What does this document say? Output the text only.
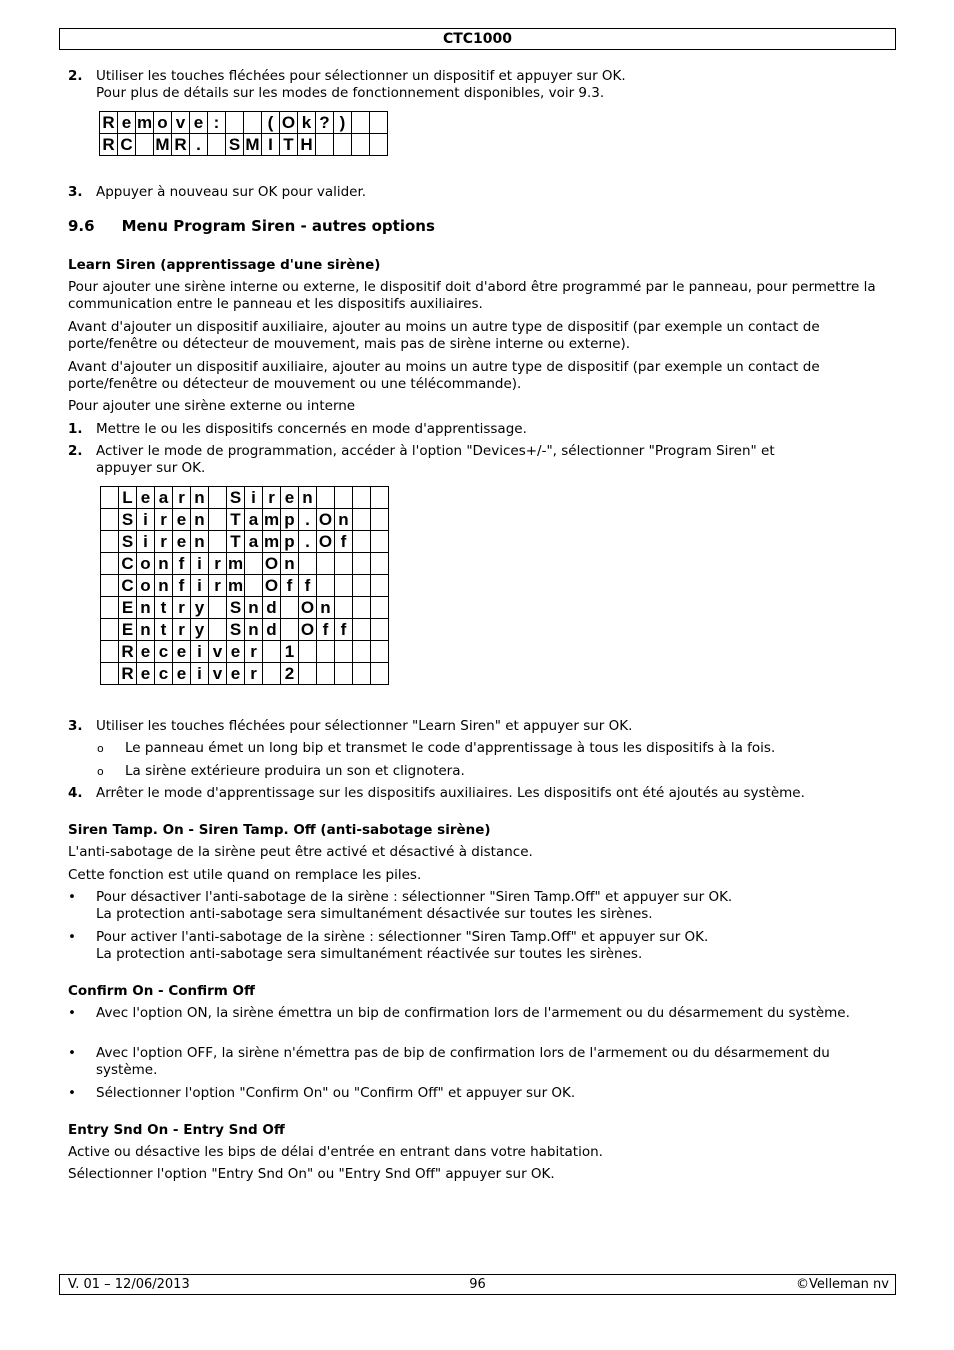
CTC1000
2. Utiliser les touches fléchées pour sélectionner un dispositif et appuyer sur OK.
Pour plus de détails sur les modes de fonctionnement disponibles, voir 9.3.
R	e	m	o	v	e	:			(	O	k	?	)		
R	C		M	R	.		S	M	I	T	H				
3. Appuyer à nouveau sur OK pour valider.
9.6 Menu Program Siren - autres options
Learn Siren (apprentissage d'une sirène)
Pour ajouter une sirène interne ou externe, le dispositif doit d'abord être programmé par le panneau, pour permettre la communication entre le panneau et les dispositifs auxiliaires.
Avant d'ajouter un dispositif auxiliaire, ajouter au moins un autre type de dispositif (par exemple un contact de porte/fenêtre ou détecteur de mouvement, mais pas de sirène interne ou externe).
Avant d'ajouter un dispositif auxiliaire, ajouter au moins un autre type de dispositif (par exemple un contact de porte/fenêtre ou détecteur de mouvement ou une télécommande).
Pour ajouter une sirène externe ou interne
1. Mettre le ou les dispositifs concernés en mode d'apprentissage.
2. Activer le mode de programmation, accéder à l'option "Devices+/-", sélectionner "Program Siren" et
appuyer sur OK.
	L	e	a	r	n		S	i	r	e	n				
	S	i	r	e	n		T	a	m	p	.	O	n		
	S	i	r	e	n		T	a	m	p	.	O	f		
	C	o	n	f	i	r	m		O	n					
	C	o	n	f	i	r	m		O	f	f				
	E	n	t	r	y		S	n	d		O	n			
	E	n	t	r	y		S	n	d		O	f	f		
	R	e	c	e	i	v	e	r		1					
	R	e	c	e	i	v	e	r		2					
3. Utiliser les touches fléchées pour sélectionner "Learn Siren" et appuyer sur OK.
o Le panneau émet un long bip et transmet le code d'apprentissage à tous les dispositifs à la fois.
o La sirène extérieure produira un son et clignotera.
4. Arrêter le mode d'apprentissage sur les dispositifs auxiliaires. Les dispositifs ont été ajoutés au système.
Siren Tamp. On - Siren Tamp. Off (anti-sabotage sirène)
L'anti-sabotage de la sirène peut être activé et désactivé à distance.
Cette fonction est utile quand on remplace les piles.
• Pour désactiver l'anti-sabotage de la sirène : sélectionner "Siren Tamp.Off" et appuyer sur OK.
La protection anti-sabotage sera simultanément désactivée sur toutes les sirènes.
• Pour activer l'anti-sabotage de la sirène : sélectionner "Siren Tamp.Off" et appuyer sur OK.
La protection anti-sabotage sera simultanément réactivée sur toutes les sirènes.
Confirm On - Confirm Off
• Avec l'option ON, la sirène émettra un bip de confirmation lors de l'armement ou du désarmement du système.
• Avec l'option OFF, la sirène n'émettra pas de bip de confirmation lors de l'armement ou du désarmement du système.
• Sélectionner l'option "Confirm On" ou "Confirm Off" et appuyer sur OK.
Entry Snd On - Entry Snd Off
Active ou désactive les bips de délai d'entrée en entrant dans votre habitation.
Sélectionner l'option "Entry Snd On" ou "Entry Snd Off" appuyer sur OK.
96
V. 01 – 12/06/2013	©Velleman nv
